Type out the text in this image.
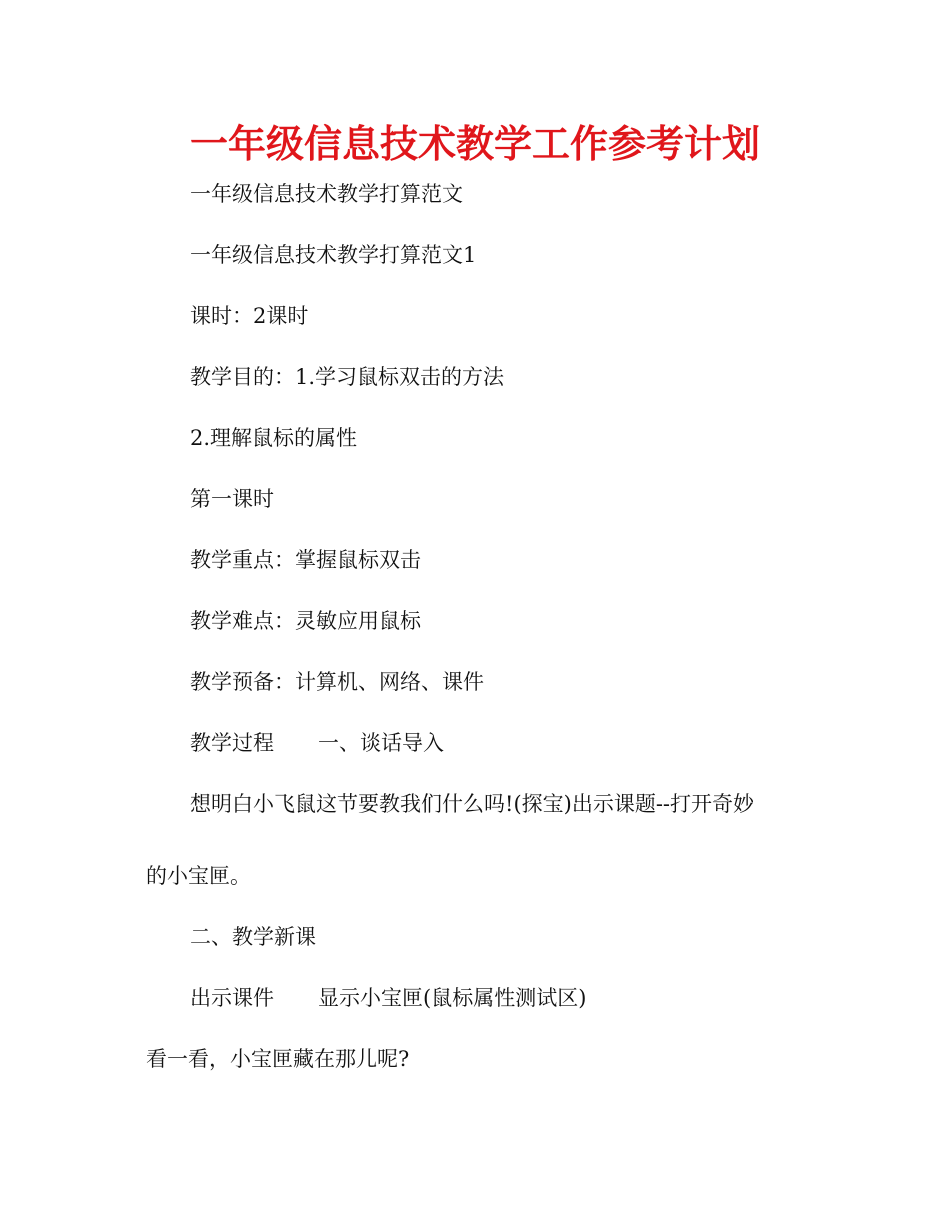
一年级信息技术教学工作参考计划

一年级信息技术教学打算范文

一年级信息技术教学打算范文1

课时：2课时

教学目的：1.学习鼠标双击的方法

2.理解鼠标的属性

第一课时

教学重点：掌握鼠标双击

教学难点：灵敏应用鼠标

教学预备：计算机、网络、课件

教学过程 一、谈话导入

想明白小飞鼠这节要教我们什么吗!(探宝)出示课题--打开奇妙

的小宝匣。

二、教学新课

出示课件 显示小宝匣(鼠标属性测试区)

看一看，小宝匣藏在那儿呢?
